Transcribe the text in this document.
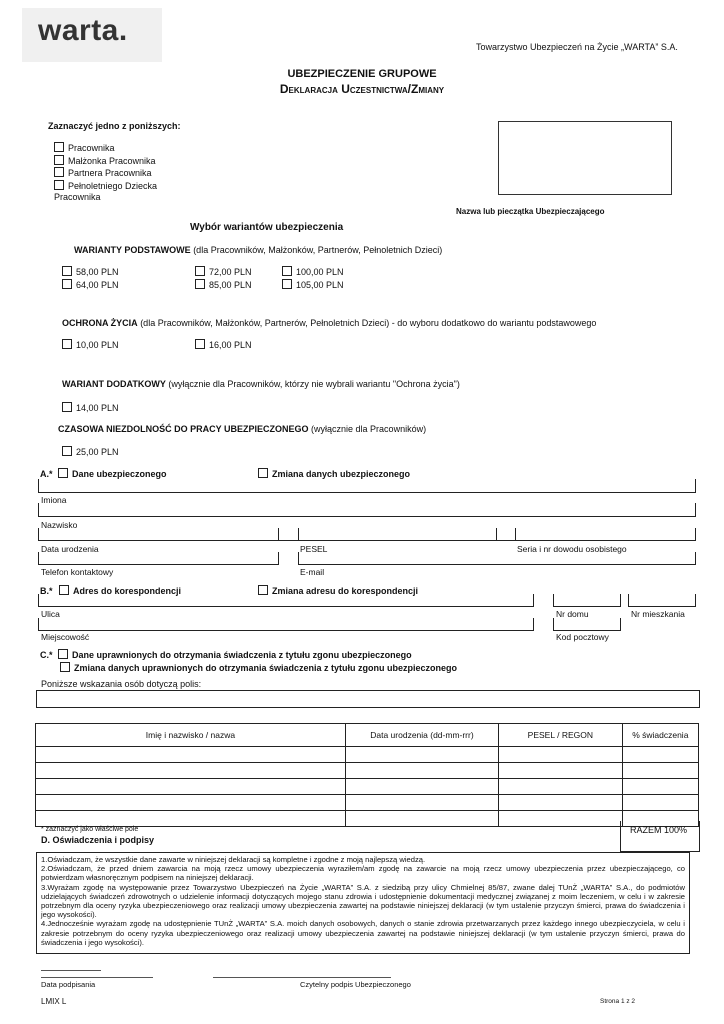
warta.	Towarzystwo Ubezpieczeń na Życie „WARTA” S.A.
UBEZPIECZENIE GRUPOWE
Deklaracja Uczestnictwa/Zmiany
Zaznaczyć jedno z poniższych:
Pracownika
Małżonka Pracownika
Partnera Pracownika
Pełnoletniego Dziecka
Pracownika
Nazwa lub pieczątka Ubezpieczającego
Wybór wariantów ubezpieczenia
WARIANTY PODSTAWOWE (dla Pracowników, Małżonków, Partnerów, Pełnoletnich Dzieci)
58,00 PLN
64,00 PLN
72,00 PLN
85,00 PLN
100,00 PLN
105,00 PLN
OCHRONA ŻYCIA (dla Pracowników, Małżonków, Partnerów, Pełnoletnich Dzieci) - do wyboru dodatkowo do wariantu podstawowego
10,00 PLN	16,00 PLN
WARIANT DODATKOWY (wyłącznie dla Pracowników, którzy nie wybrali wariantu "Ochrona życia")
14,00 PLN
CZASOWA NIEZDOLNOŚĆ DO PRACY UBEZPIECZONEGO (wyłącznie dla Pracowników)
25,00 PLN
A.* Dane ubezpieczonego	Zmiana danych ubezpieczonego
Imiona
Nazwisko
Data urodzenia	PESEL	Seria i nr dowodu osobistego
Telefon kontaktowy	E-mail
B.* Adres do korespondencji	Zmiana adresu do korespondencji
Ulica	Nr domu	Nr mieszkania
Miejscowość	Kod pocztowy
C.* Dane uprawnionych do otrzymania świadczenia z tytułu zgonu ubezpieczonego
Zmiana danych uprawnionych do otrzymania świadczenia z tytułu zgonu ubezpieczonego
Poniższe wskazania osób dotyczą polis:
Imię i nazwisko / nazwa	Data urodzenia (dd-mm-rrr)	PESEL / REGON	% świadczenia

RAZEM 100%
* zaznaczyć jako właściwe pole
D. Oświadczenia i podpisy
1.Oświadczam, że wszystkie dane zawarte w niniejszej deklaracji są kompletne i zgodne z moją najlepszą wiedzą.
2.Oświadczam, że przed dniem zawarcia na moją rzecz umowy ubezpieczenia wyraziłem/am zgodę na zawarcie na moją rzecz umowy ubezpieczenia przez ubezpieczającego, co potwierdzam własnoręcznym podpisem na niniejszej deklaracji.
3.Wyrażam zgodę na występowanie przez Towarzystwo Ubezpieczeń na Życie „WARTA” S.A. z siedzibą przy ulicy Chmielnej 85/87, zwane dalej TUnŻ „WARTA” S.A., do podmiotów udzielających świadczeń zdrowotnych o udzielenie informacji dotyczących mojego stanu zdrowia i udostępnienie dokumentacji medycznej związanej z moim leczeniem, w celu i w zakresie potrzebnym dla oceny ryzyka ubezpieczeniowego oraz realizacji umowy ubezpieczenia zawartej na podstawie niniejszej deklaracji (w tym ustalenie przyczyn śmierci, prawa do świadczenia i jego wysokości).
4.Jednocześnie wyrażam zgodę na udostępnienie TUnŻ „WARTA” S.A. moich danych osobowych, danych o stanie zdrowia przetwarzanych przez każdego innego ubezpieczyciela, w celu i zakresie potrzebnym do oceny ryzyka ubezpieczeniowego oraz realizacji umowy ubezpieczenia zawartej na podstawie niniejszej deklaracji (w tym ustalenie przyczyn śmierci, prawa do świadczenia i jego wysokości).
Data podpisania	Czytelny podpis Ubezpieczonego
LMIX L	Strona 1 z 2
